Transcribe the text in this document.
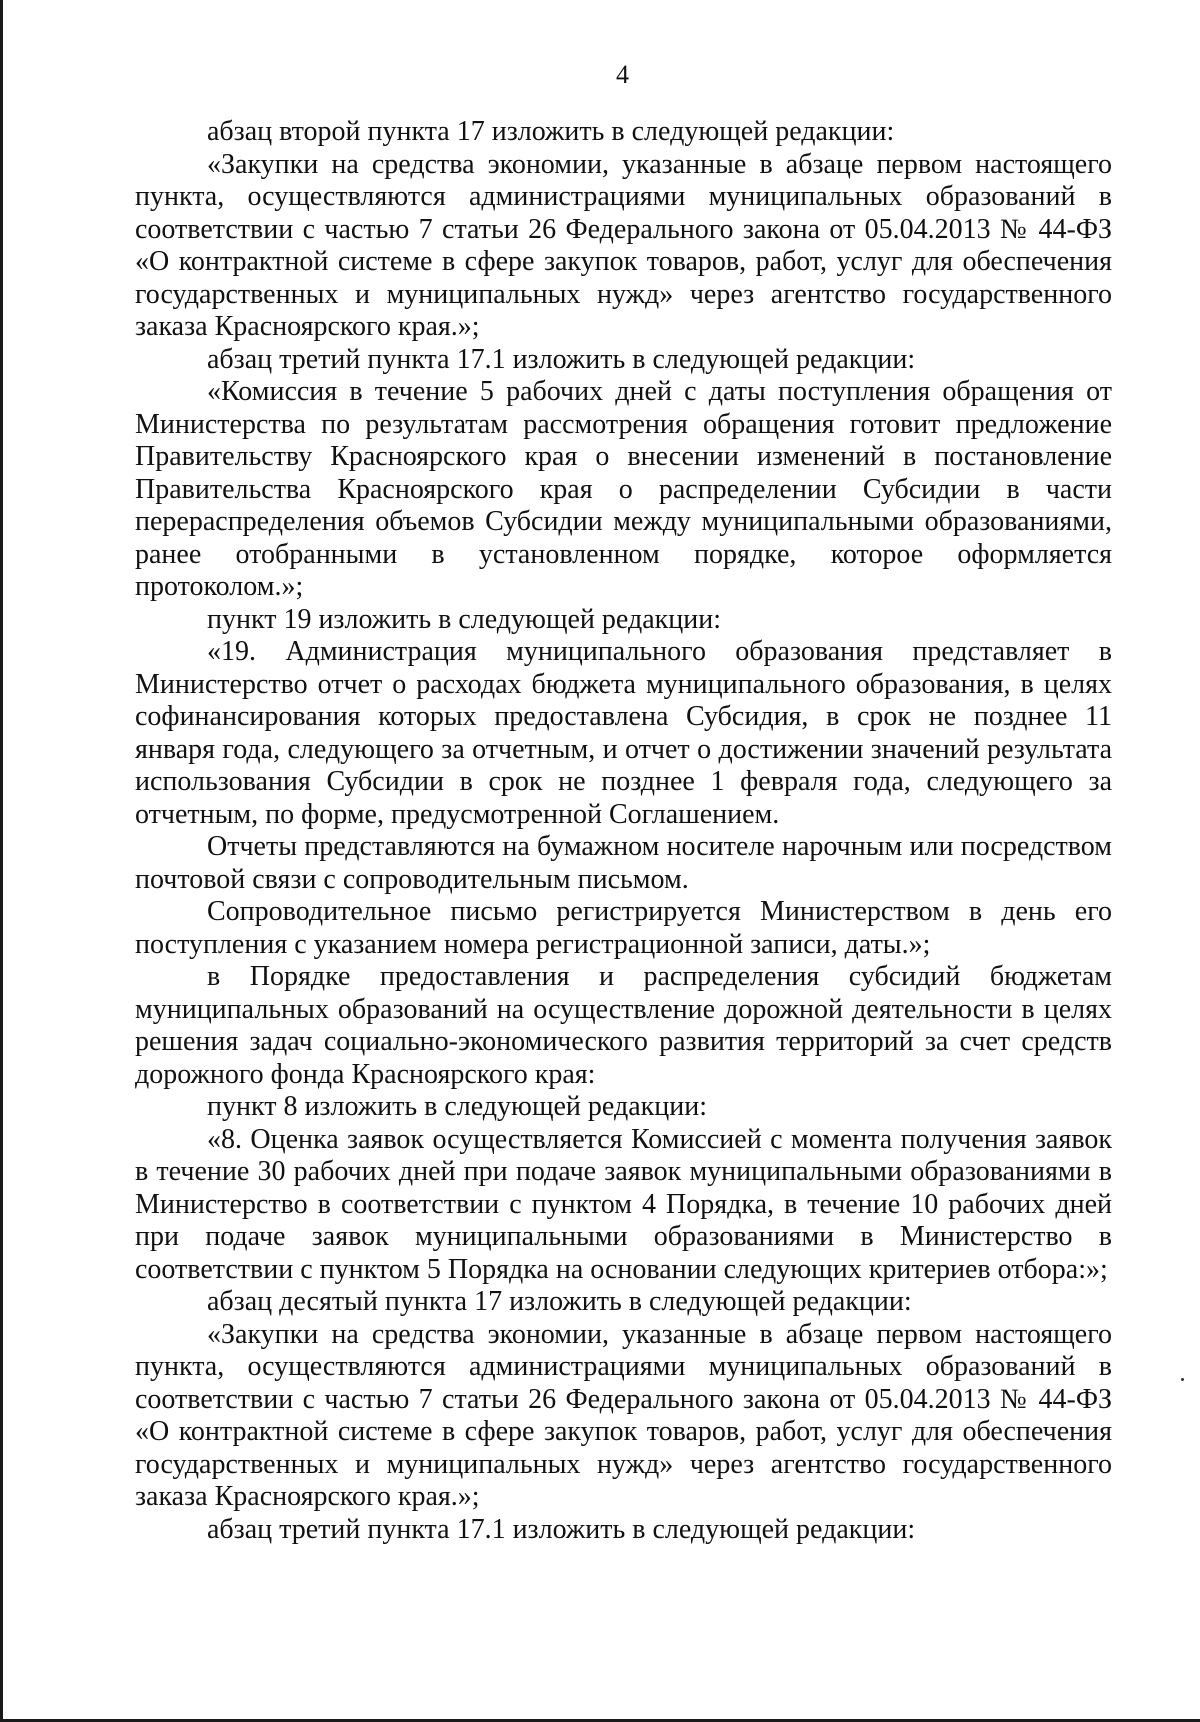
4

абзац второй пункта 17 изложить в следующей редакции:

«Закупки на средства экономии, указанные в абзаце первом настоящего пункта, осуществляются администрациями муниципальных образований в соответствии с частью 7 статьи 26 Федерального закона от 05.04.2013 № 44-ФЗ «О контрактной системе в сфере закупок товаров, работ, услуг для обеспечения государственных и муниципальных нужд» через агентство государственного заказа Красноярского края.»;

абзац третий пункта 17.1 изложить в следующей редакции:

«Комиссия в течение 5 рабочих дней с даты поступления обращения от Министерства по результатам рассмотрения обращения готовит предложение Правительству Красноярского края о внесении изменений в постановление Правительства Красноярского края о распределении Субсидии в части перераспределения объемов Субсидии между муниципальными образованиями, ранее отобранными в установленном порядке, которое оформляется протоколом.»;

пункт 19 изложить в следующей редакции:

«19. Администрация муниципального образования представляет в Министерство отчет о расходах бюджета муниципального образования, в целях софинансирования которых предоставлена Субсидия, в срок не позднее 11 января года, следующего за отчетным, и отчет о достижении значений результата использования Субсидии в срок не позднее 1 февраля года, следующего за отчетным, по форме, предусмотренной Соглашением.

Отчеты представляются на бумажном носителе нарочным или посредством почтовой связи с сопроводительным письмом.

Сопроводительное письмо регистрируется Министерством в день его поступления с указанием номера регистрационной записи, даты.»;

в Порядке предоставления и распределения субсидий бюджетам муниципальных образований на осуществление дорожной деятельности в целях решения задач социально-экономического развития территорий за счет средств дорожного фонда Красноярского края:

пункт 8 изложить в следующей редакции:

«8. Оценка заявок осуществляется Комиссией с момента получения заявок в течение 30 рабочих дней при подаче заявок муниципальными образованиями в Министерство в соответствии с пунктом 4 Порядка, в течение 10 рабочих дней при подаче заявок муниципальными образованиями в Министерство в соответствии с пунктом 5 Порядка на основании следующих критериев отбора:»;

абзац десятый пункта 17 изложить в следующей редакции:

«Закупки на средства экономии, указанные в абзаце первом настоящего пункта, осуществляются администрациями муниципальных образований в соответствии с частью 7 статьи 26 Федерального закона от 05.04.2013 № 44-ФЗ «О контрактной системе в сфере закупок товаров, работ, услуг для обеспечения государственных и муниципальных нужд» через агентство государственного заказа Красноярского края.»;

абзац третий пункта 17.1 изложить в следующей редакции:
